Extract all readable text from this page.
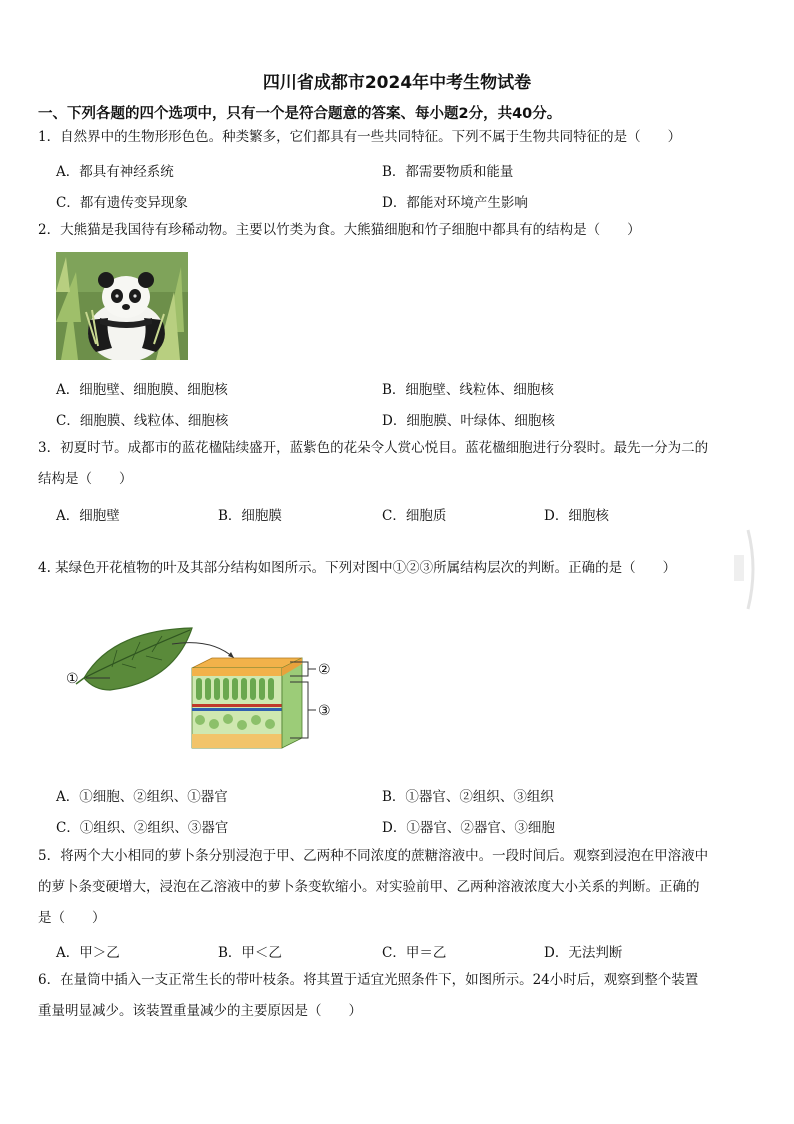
四川省成都市2024年中考生物试卷
一、下列各题的四个选项中，只有一个是符合题意的答案、每小题2分，共40分。
1．自然界中的生物形形色色。种类繁多，它们都具有一些共同特征。下列不属于生物共同特征的是（　　）
A．都具有神经系统	B．都需要物质和能量
C．都有遗传变异现象	D．都能对环境产生影响
2．大熊猫是我国待有珍稀动物。主要以竹类为食。大熊猫细胞和竹子细胞中都具有的结构是（　　）
A．细胞壁、细胞膜、细胞核	B．细胞壁、线粒体、细胞核
C．细胞膜、线粒体、细胞核	D．细胞膜、叶绿体、细胞核
3．初夏时节。成都市的蓝花楹陆续盛开，蓝紫色的花朵令人赏心悦目。蓝花楹细胞进行分裂时。最先一分为二的
结构是（　　）
A．细胞壁	B．细胞膜	C．细胞质	D．细胞核
4. 某绿色开花植物的叶及其部分结构如图所示。下列对图中①②③所属结构层次的判断。正确的是（　　）
①
②
③
A．①细胞、②组织、①器官	B．①器官、②组织、③组织
C．①组织、②组织、③器官	D．①器官、②器官、③细胞
5．将两个大小相同的萝卜条分别浸泡于甲、乙两种不同浓度的蔗糖溶液中。一段时间后。观察到浸泡在甲溶液中
的萝卜条变硬增大，浸泡在乙溶液中的萝卜条变软缩小。对实验前甲、乙两种溶液浓度大小关系的判断。正确的
是（　　）
A．甲＞乙	B．甲＜乙	C．甲＝乙	D．无法判断
6．在量筒中插入一支正常生长的带叶枝条。将其置于适宜光照条件下，如图所示。24小时后，观察到整个装置
重量明显减少。该装置重量减少的主要原因是（　　）
